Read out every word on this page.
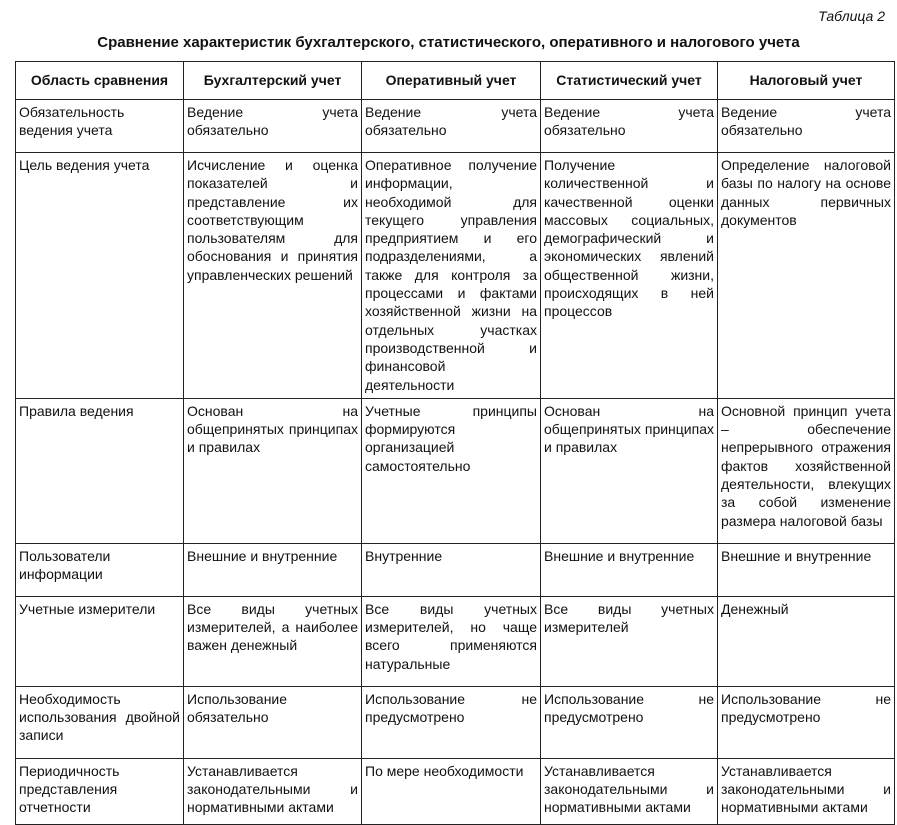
Таблица 2
Сравнение характеристик бухгалтерского, статистического, оперативного и налогового учета
Область сравнения	Бухгалтерский учет	Оперативный учет	Статистический учет	Налоговый учет
Обязательность ведения учета	Ведение учета обязательно	Ведение учета обязательно	Ведение учета обязательно	Ведение учета обязательно
Цель ведения учета	Исчисление и оценка показателей и представление их соответствующим пользователям для обоснования и принятия управленческих решений	Оперативное получение информации, необходимой для текущего управления предприятием и его подразделениями, а также для контроля за процессами и фактами хозяйственной жизни на отдельных участках производственной и финансовой деятельности	Получение количественной и качественной оценки массовых социальных, демографический и экономических явлений общественной жизни, происходящих в ней процессов	Определение налоговой базы по налогу на основе данных первичных документов
Правила ведения	Основан на общепринятых принципах и правилах	Учетные принципы формируются организацией самостоятельно	Основан на общепринятых принципах и правилах	Основной принцип учета – обеспечение непрерывного отражения фактов хозяйственной деятельности, влекущих за собой изменение размера налоговой базы
Пользователи информации	Внешние и внутренние	Внутренние	Внешние и внутренние	Внешние и внутренние
Учетные измерители	Все виды учетных измерителей, а наиболее важен денежный	Все виды учетных измерителей, но чаще всего применяются натуральные	Все виды учетных измерителей	Денежный
Необходимость использования двойной записи	Использование обязательно	Использование не предусмотрено	Использование не предусмотрено	Использование не предусмотрено
Периодичность представления отчетности	Устанавливается законодательными и нормативными актами	По мере необходимости	Устанавливается законодательными и нормативными актами	Устанавливается законодательными и нормативными актами
